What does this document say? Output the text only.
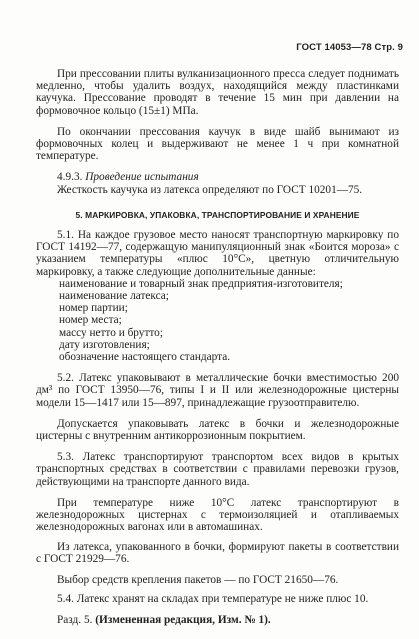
ГОСТ 14053—78 Стр. 9

При прессовании плиты вулканизационного пресса следует поднимать медленно, чтобы удалить воздух, находящийся между пластинками каучука. Прессование проводят в течение 15 мин при давлении на формовочное кольцо (15±1) МПа.

По окончании прессования каучук в виде шайб вынимают из формовочных колец и выдерживают не менее 1 ч при комнатной температуре.

4.9.3. Проведение испытания

Жесткость каучука из латекса определяют по ГОСТ 10201—75.

5. МАРКИРОВКА, УПАКОВКА, ТРАНСПОРТИРОВАНИЕ И ХРАНЕНИЕ

5.1. На каждое грузовое место наносят транспортную маркировку по ГОСТ 14192—77, содержащую манипуляционный знак «Боится мороза» с указанием температуры «плюс 10°С», цветную отличительную маркировку, а также следующие дополнительные данные:

наименование и товарный знак предприятия-изготовителя;

наименование латекса;

номер партии;

номер места;

массу нетто и брутто;

дату изготовления;

обозначение настоящего стандарта.

5.2. Латекс упаковывают в металлические бочки вместимостью 200 дм³ по ГОСТ 13950—76, типы I и II или железнодорожные цистерны модели 15—1417 или 15—897, принадлежащие грузоотправителю.

Допускается упаковывать латекс в бочки и железнодорожные цистерны с внутренним антикоррозионным покрытием.

5.3. Латекс транспортируют транспортом всех видов в крытых транспортных средствах в соответствии с правилами перевозки грузов, действующими на транспорте данного вида.

При температуре ниже 10°С латекс транспортируют в железнодорожных цистернах с термоизоляцией и отапливаемых железнодорожных вагонах или в автомашинах.

Из латекса, упакованного в бочки, формируют пакеты в соответствии с ГОСТ 21929—76.

Выбор средств крепления пакетов — по ГОСТ 21650—76.

5.4. Латекс хранят на складах при температуре не ниже плюс 10.

Разд. 5. (Измененная редакция, Изм. № 1).
